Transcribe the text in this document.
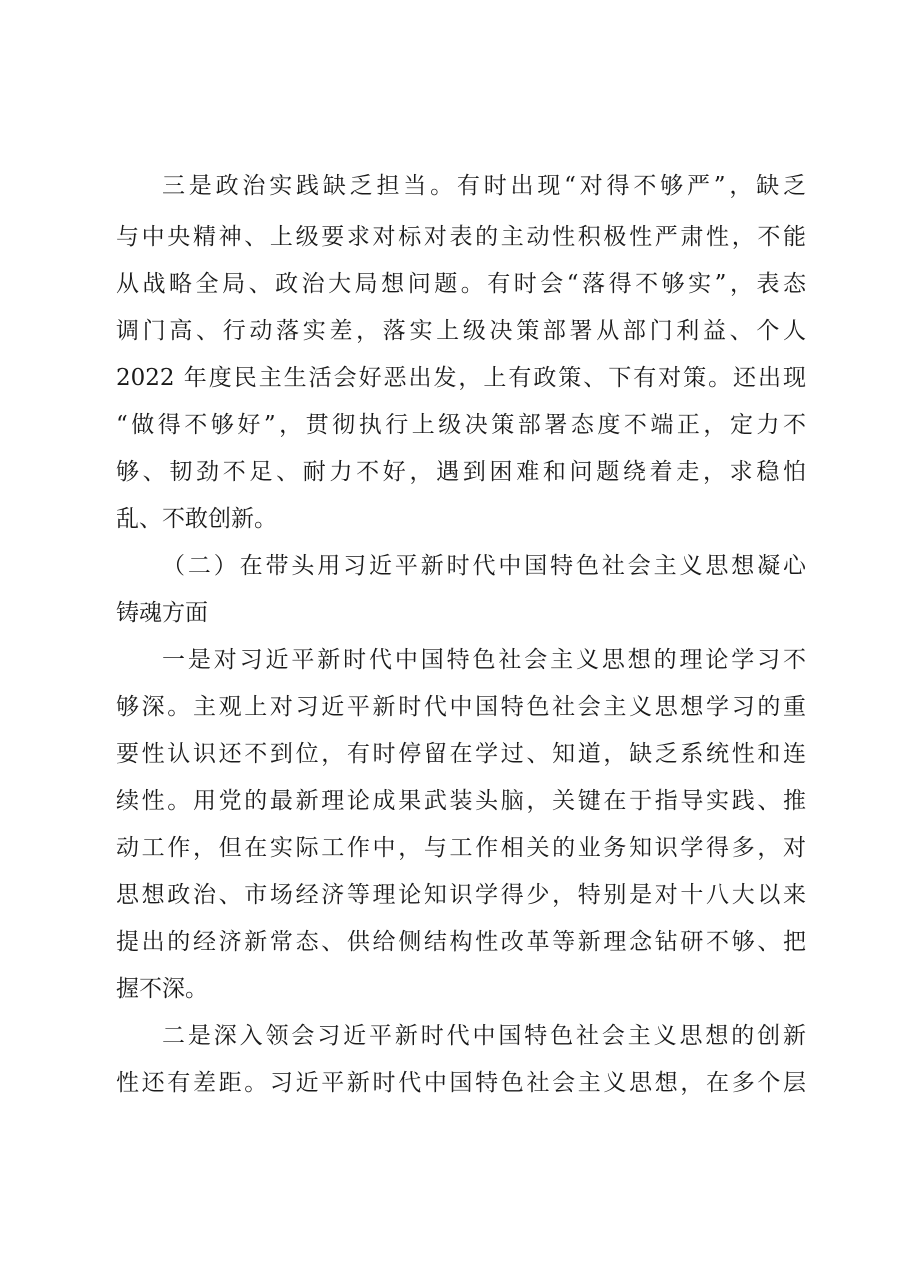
三是政治实践缺乏担当。有时出现“对得不够严”，缺乏
与中央精神、上级要求对标对表的主动性积极性严肃性，不能
从战略全局、政治大局想问题。有时会“落得不够实”，表态
调门高、行动落实差，落实上级决策部署从部门利益、个人
2022 年度民主生活会好恶出发，上有政策、下有对策。还出现
“做得不够好”，贯彻执行上级决策部署态度不端正，定力不
够、韧劲不足、耐力不好，遇到困难和问题绕着走，求稳怕
乱、不敢创新。
（二）在带头用习近平新时代中国特色社会主义思想凝心
铸魂方面
一是对习近平新时代中国特色社会主义思想的理论学习不
够深。主观上对习近平新时代中国特色社会主义思想学习的重
要性认识还不到位，有时停留在学过、知道，缺乏系统性和连
续性。用党的最新理论成果武装头脑，关键在于指导实践、推
动工作，但在实际工作中，与工作相关的业务知识学得多，对
思想政治、市场经济等理论知识学得少，特别是对十八大以来
提出的经济新常态、供给侧结构性改革等新理念钻研不够、把
握不深。
二是深入领会习近平新时代中国特色社会主义思想的创新
性还有差距。习近平新时代中国特色社会主义思想，在多个层
